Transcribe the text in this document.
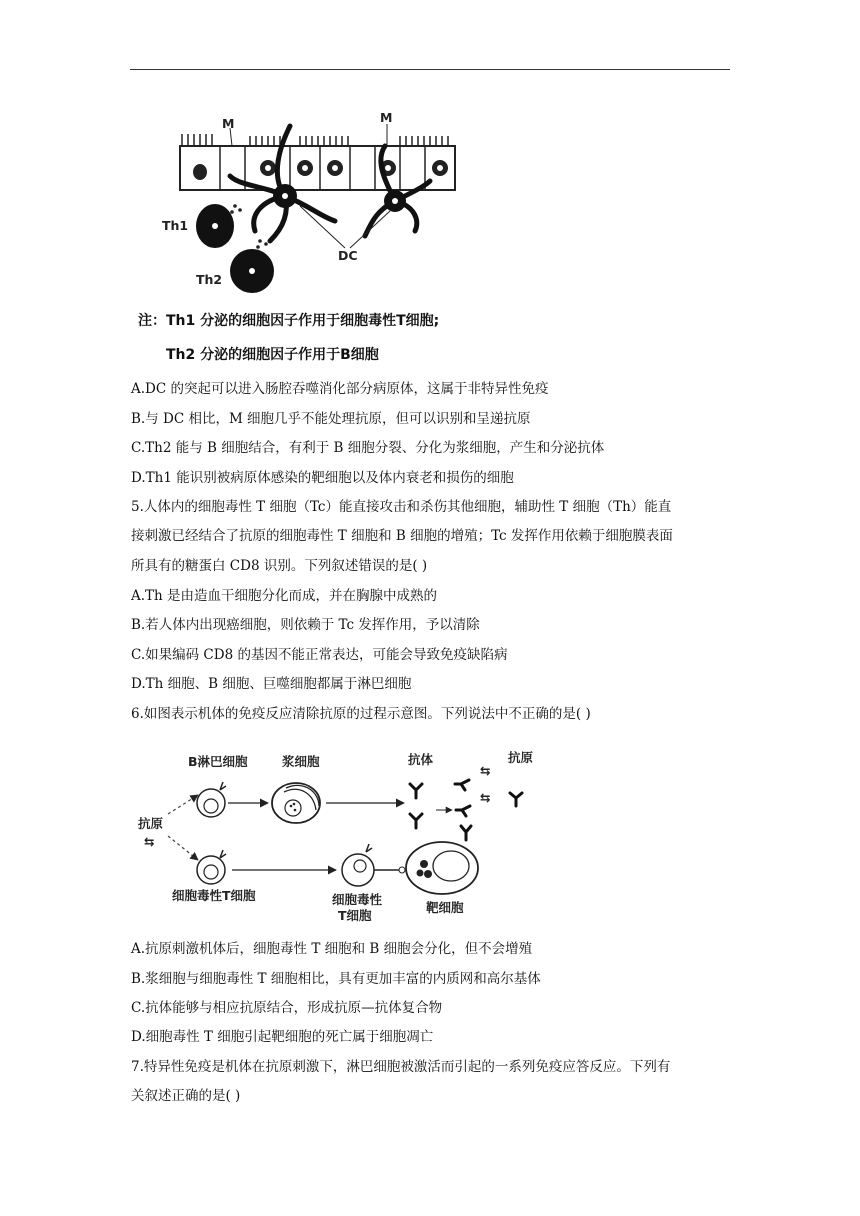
M	M
Th1
Th2
DC
注：Th1 分泌的细胞因子作用于细胞毒性T细胞;
Th2 分泌的细胞因子作用于B细胞
A.DC 的突起可以进入肠腔吞噬消化部分病原体，这属于非特异性免疫
B.与 DC 相比，M 细胞几乎不能处理抗原，但可以识别和呈递抗原
C.Th2 能与 B 细胞结合，有利于 B 细胞分裂、分化为浆细胞，产生和分泌抗体
D.Th1 能识别被病原体感染的靶细胞以及体内衰老和损伤的细胞
5.人体内的细胞毒性 T 细胞（Tc）能直接攻击和杀伤其他细胞，辅助性 T 细胞（Th）能直
接刺激已经结合了抗原的细胞毒性 T 细胞和 B 细胞的增殖；Tc 发挥作用依赖于细胞膜表面
所具有的糖蛋白 CD8 识别。下列叙述错误的是( )
A.Th 是由造血干细胞分化而成，并在胸腺中成熟的
B.若人体内出现癌细胞，则依赖于 Tc 发挥作用，予以清除
C.如果编码 CD8 的基因不能正常表达，可能会导致免疫缺陷病
D.Th 细胞、B 细胞、巨噬细胞都属于淋巴细胞
6.如图表示机体的免疫反应清除抗原的过程示意图。下列说法中不正确的是( )
抗原
⇆
B淋巴细胞	浆细胞	抗体	抗原
⇆
⇆
细胞毒性T细胞	细胞毒性
T细胞
靶细胞
A.抗原刺激机体后，细胞毒性 T 细胞和 B 细胞会分化，但不会增殖
B.浆细胞与细胞毒性 T 细胞相比，具有更加丰富的内质网和高尔基体
C.抗体能够与相应抗原结合，形成抗原—抗体复合物
D.细胞毒性 T 细胞引起靶细胞的死亡属于细胞凋亡
7.特异性免疫是机体在抗原刺激下，淋巴细胞被激活而引起的一系列免疫应答反应。下列有
关叙述正确的是( )
